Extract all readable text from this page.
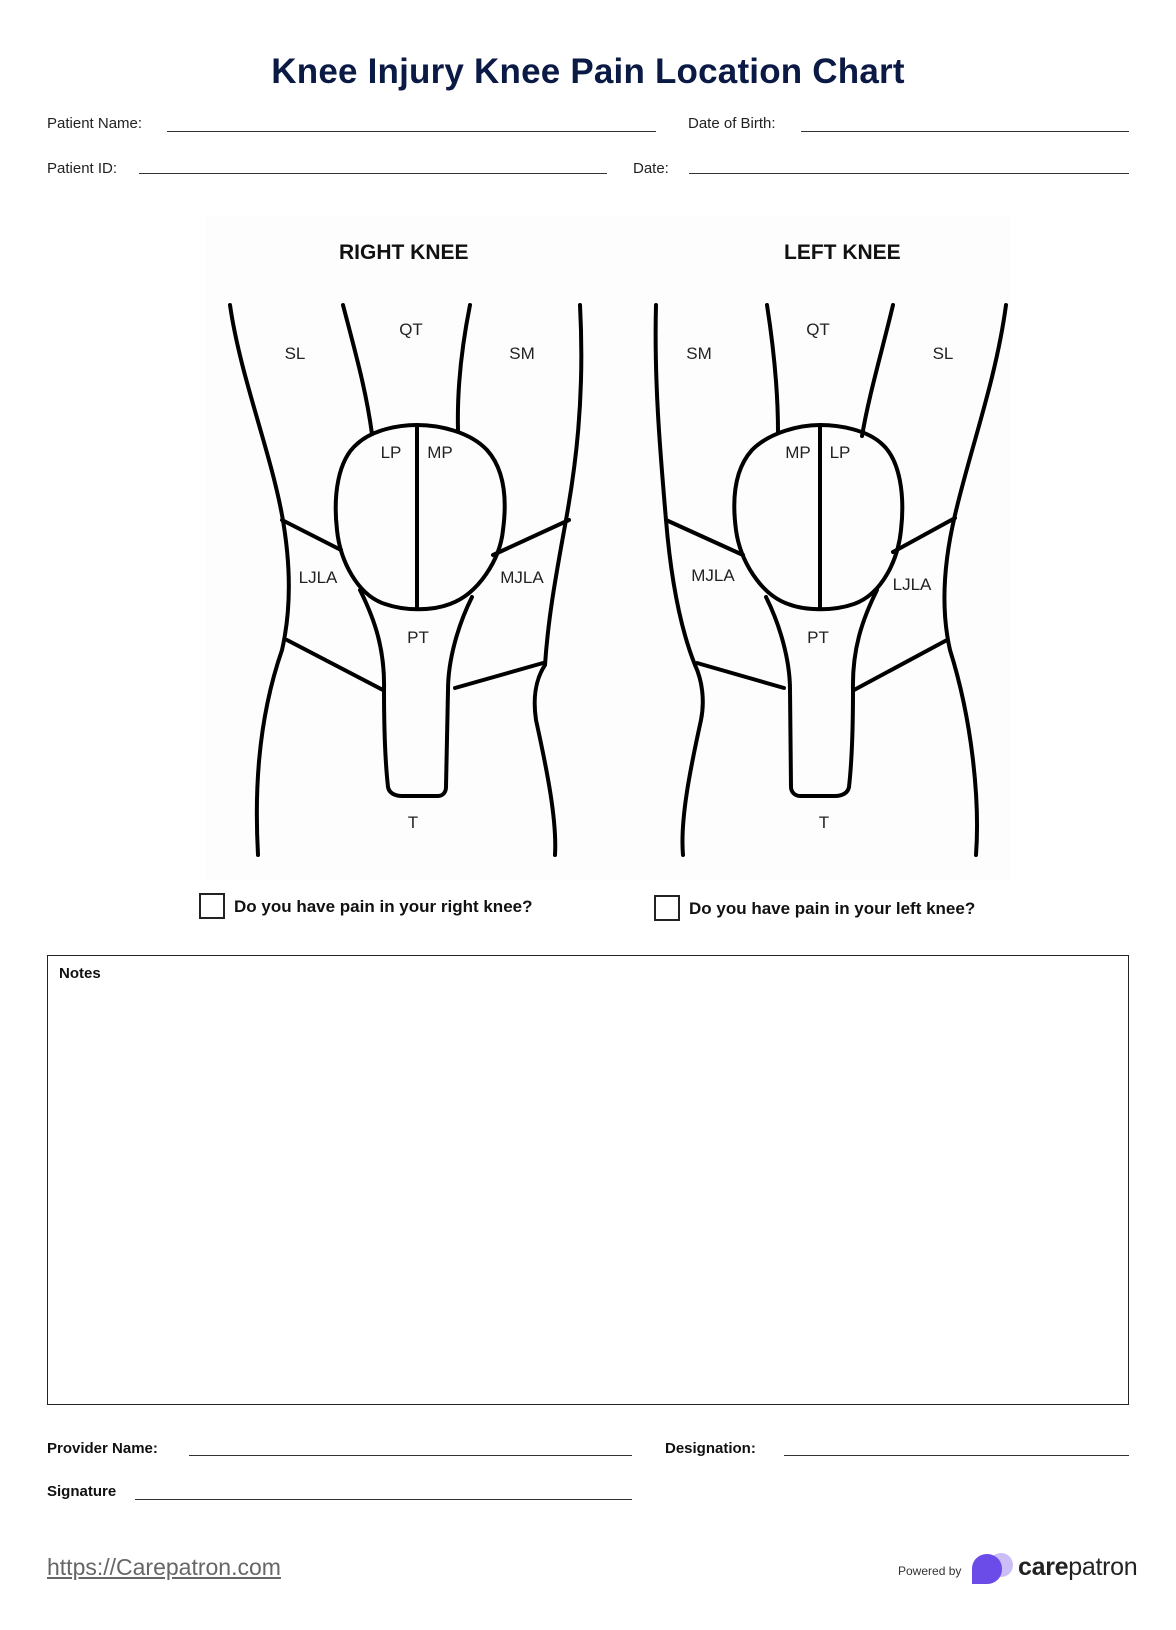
Knee Injury Knee Pain Location Chart
Patient Name:	Date of Birth:
Patient ID:	Date:
RIGHT KNEE	LEFT KNEE
QT
SL	SM
LP MP
LJLA	MJLA
PT
T
QT
SM	SL
MP LP
MJLA	LJLA
PT
T
Do you have pain in your right knee?	Do you have pain in your left knee?
Notes
Provider Name:	Designation:
Signature
https://Carepatron.com	Powered by carepatron
